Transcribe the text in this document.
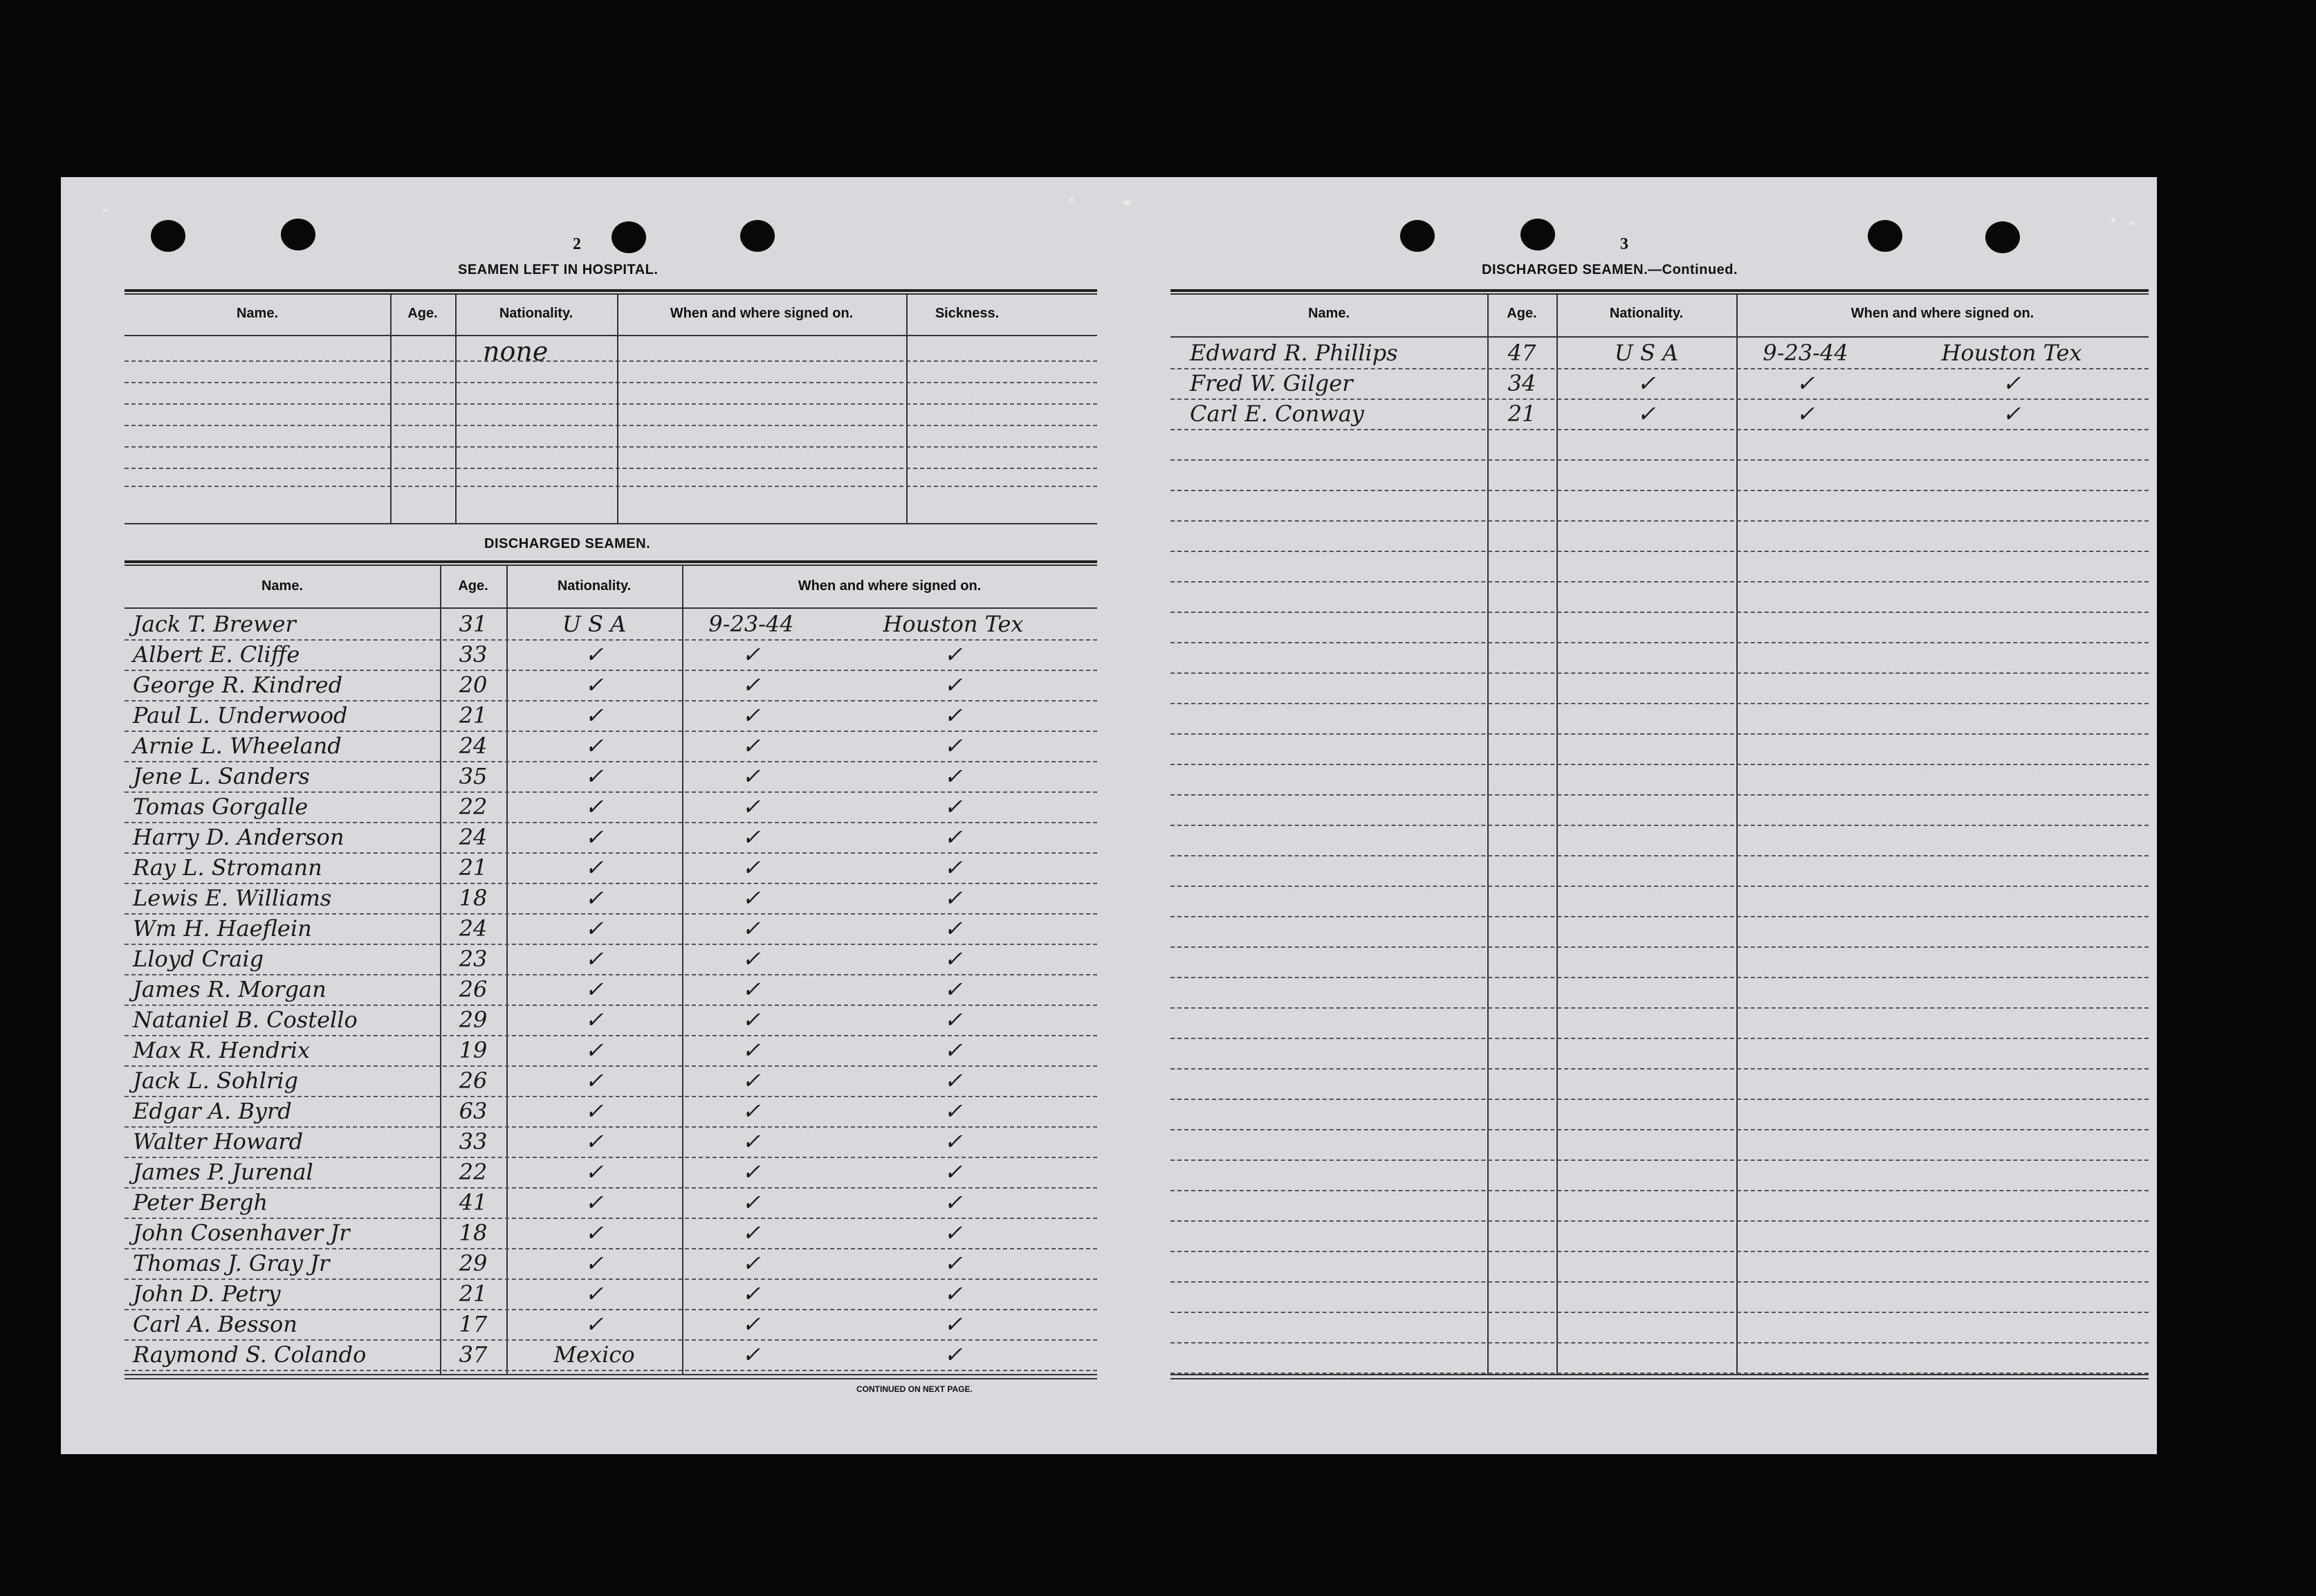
2
SEAMEN LEFT IN HOSPITAL.
Name.	Age.	Nationality.	When and where signed on.	Sickness.
none
DISCHARGED SEAMEN.
Name.	Age.	Nationality.	When and where signed on.
Jack T. Brewer	31	U S A	9-23-44	Houston Tex
Albert E. Cliffe	33	✓	✓	✓
George R. Kindred	20	✓	✓	✓
Paul L. Underwood	21	✓	✓	✓
Arnie L. Wheeland	24	✓	✓	✓
Jene L. Sanders	35	✓	✓	✓
Tomas Gorgalle	22	✓	✓	✓
Harry D. Anderson	24	✓	✓	✓
Ray L. Stromann	21	✓	✓	✓
Lewis E. Williams	18	✓	✓	✓
Wm H. Haeflein	24	✓	✓	✓
Lloyd Craig	23	✓	✓	✓
James R. Morgan	26	✓	✓	✓
Nataniel B. Costello	29	✓	✓	✓
Max R. Hendrix	19	✓	✓	✓
Jack L. Sohlrig	26	✓	✓	✓
Edgar A. Byrd	63	✓	✓	✓
Walter Howard	33	✓	✓	✓
James P. Jurenal	22	✓	✓	✓
Peter Bergh	41	✓	✓	✓
John Cosenhaver Jr	18	✓	✓	✓
Thomas J. Gray Jr	29	✓	✓	✓
John D. Petry	21	✓	✓	✓
Carl A. Besson	17	✓	✓	✓
Raymond S. Colando	37	Mexico	✓	✓
CONTINUED ON NEXT PAGE.
3
DISCHARGED SEAMEN.—Continued.
Name.	Age.	Nationality.	When and where signed on.
Edward R. Phillips	47	U S A	9-23-44	Houston Tex
Fred W. Gilger	34	✓	✓	✓
Carl E. Conway	21	✓	✓	✓
